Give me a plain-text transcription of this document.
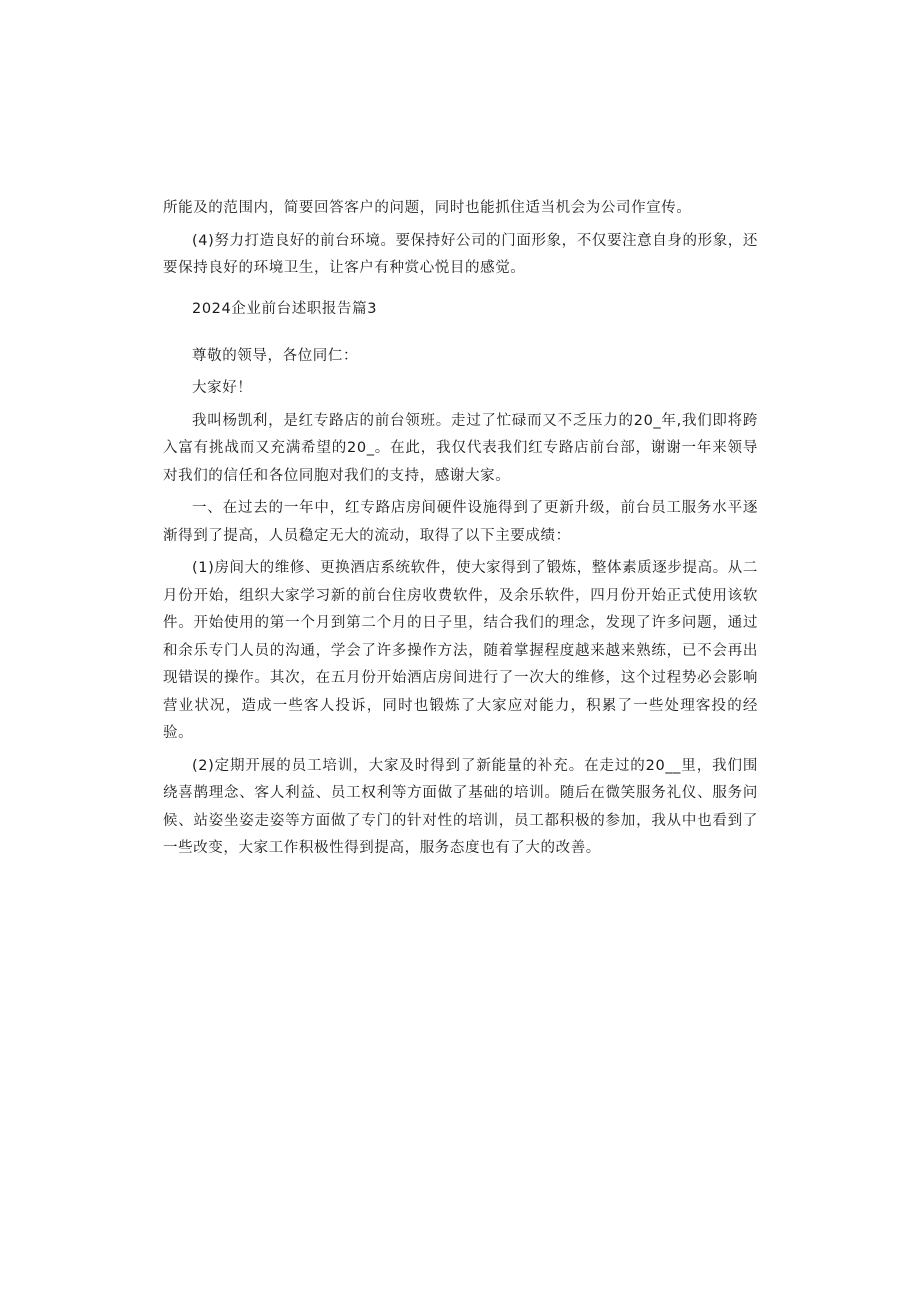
所能及的范围内，简要回答客户的问题，同时也能抓住适当机会为公司作宣传。

(4)努力打造良好的前台环境。要保持好公司的门面形象，不仅要注意自身的形象，还要保持良好的环境卫生，让客户有种赏心悦目的感觉。

2024企业前台述职报告篇3

尊敬的领导，各位同仁：

大家好！

我叫杨凯利，是红专路店的前台领班。走过了忙碌而又不乏压力的20_年,我们即将跨入富有挑战而又充满希望的20_。在此，我仅代表我们红专路店前台部，谢谢一年来领导对我们的信任和各位同胞对我们的支持，感谢大家。

一、在过去的一年中，红专路店房间硬件设施得到了更新升级，前台员工服务水平逐渐得到了提高，人员稳定无大的流动，取得了以下主要成绩：

(1)房间大的维修、更换酒店系统软件，使大家得到了锻炼，整体素质逐步提高。从二月份开始，组织大家学习新的前台住房收费软件，及余乐软件，四月份开始正式使用该软件。开始使用的第一个月到第二个月的日子里，结合我们的理念，发现了许多问题，通过和余乐专门人员的沟通，学会了许多操作方法，随着掌握程度越来越来熟练，已不会再出现错误的操作。其次，在五月份开始酒店房间进行了一次大的维修，这个过程势必会影响营业状况，造成一些客人投诉，同时也锻炼了大家应对能力，积累了一些处理客投的经验。

(2)定期开展的员工培训，大家及时得到了新能量的补充。在走过的20__里，我们围绕喜鹊理念、客人利益、员工权利等方面做了基础的培训。随后在微笑服务礼仪、服务问候、站姿坐姿走姿等方面做了专门的针对性的培训，员工都积极的参加，我从中也看到了一些改变，大家工作积极性得到提高，服务态度也有了大的改善。
